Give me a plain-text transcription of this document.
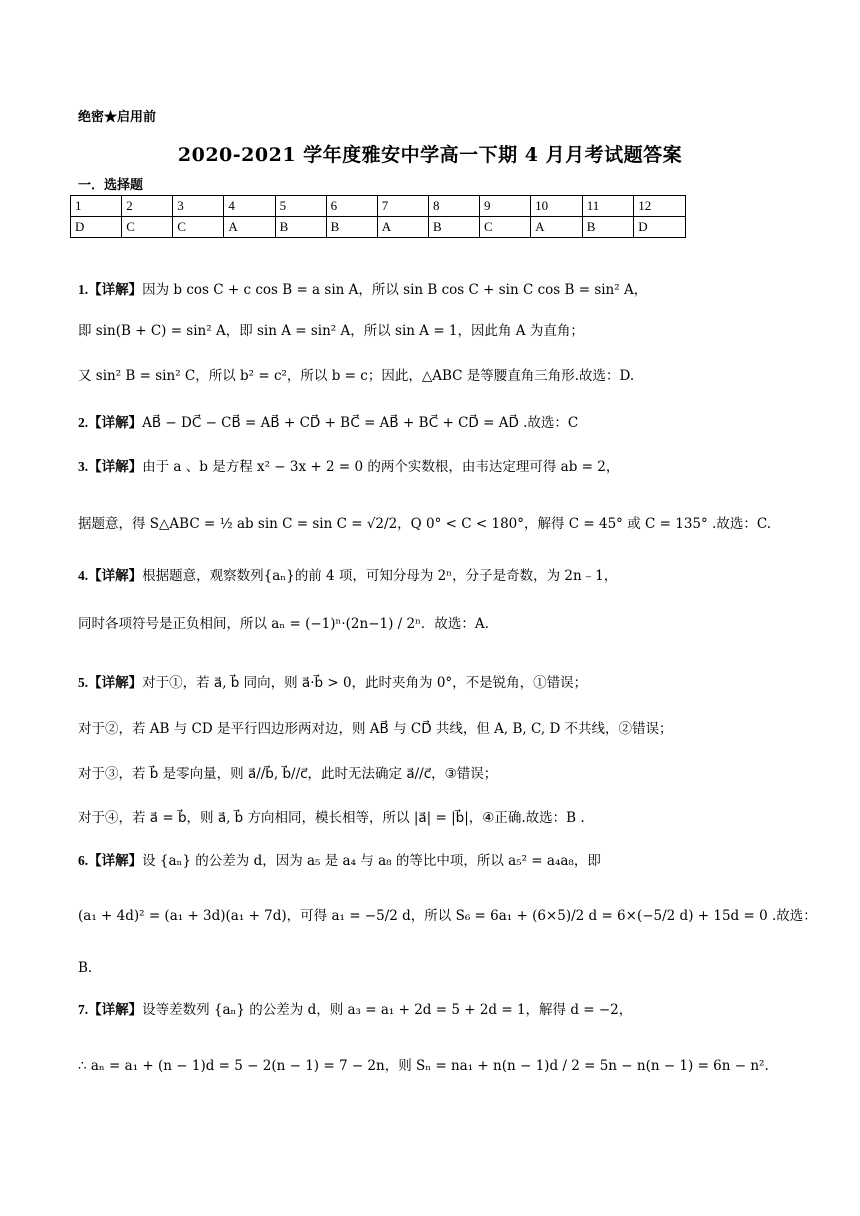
绝密★启用前
2020-2021 学年度雅安中学高一下期 4 月月考试题答案
一．选择题
1	2	3	4	5	6	7	8	9	10	11	12
D	C	C	A	B	B	A	B	C	A	B	D
1.【详解】因为 b cos C + c cos B = a sin A，所以 sin B cos C + sin C cos B = sin² A，
即 sin(B + C) = sin² A，即 sin A = sin² A，所以 sin A = 1，因此角 A 为直角；
又 sin² B = sin² C，所以 b² = c²，所以 b = c；因此，△ABC 是等腰直角三角形.故选：D.
2.【详解】AB⃗ − DC⃗ − CB⃗ = AB⃗ + CD⃗ + BC⃗ = AB⃗ + BC⃗ + CD⃗ = AD⃗ .故选：C
3.【详解】由于 a 、b 是方程 x² − 3x + 2 = 0 的两个实数根，由韦达定理可得 ab = 2，
据题意，得 S△ABC = ½ ab sin C = sin C = √2/2，Q 0° < C < 180°，解得 C = 45° 或 C = 135° .故选：C.
4.【详解】根据题意，观察数列{aₙ}的前 4 项，可知分母为 2ⁿ，分子是奇数，为 2n﹣1，
同时各项符号是正负相间，所以 aₙ = (−1)ⁿ·(2n−1) / 2ⁿ．故选：A.
5.【详解】对于①，若 a⃗, b⃗ 同向，则 a⃗·b⃗ > 0，此时夹角为 0°，不是锐角，①错误；
对于②，若 AB 与 CD 是平行四边形两对边，则 AB⃗ 与 CD⃗ 共线，但 A, B, C, D 不共线，②错误；
对于③，若 b⃗ 是零向量，则 a⃗//b⃗, b⃗//c⃗，此时无法确定 a⃗//c⃗，③错误；
对于④，若 a⃗ = b⃗，则 a⃗, b⃗ 方向相同，模长相等，所以 |a⃗| = |b⃗|，④正确.故选：B .
6.【详解】设 {aₙ} 的公差为 d，因为 a₅ 是 a₄ 与 a₈ 的等比中项，所以 a₅² = a₄a₈，即
(a₁ + 4d)² = (a₁ + 3d)(a₁ + 7d)，可得 a₁ = −5/2 d，所以 S₆ = 6a₁ + (6×5)/2 d = 6×(−5/2 d) + 15d = 0 .故选：
B.
7.【详解】设等差数列 {aₙ} 的公差为 d，则 a₃ = a₁ + 2d = 5 + 2d = 1，解得 d = −2，
∴ aₙ = a₁ + (n − 1)d = 5 − 2(n − 1) = 7 − 2n，则 Sₙ = na₁ + n(n − 1)d / 2 = 5n − n(n − 1) = 6n − n².
